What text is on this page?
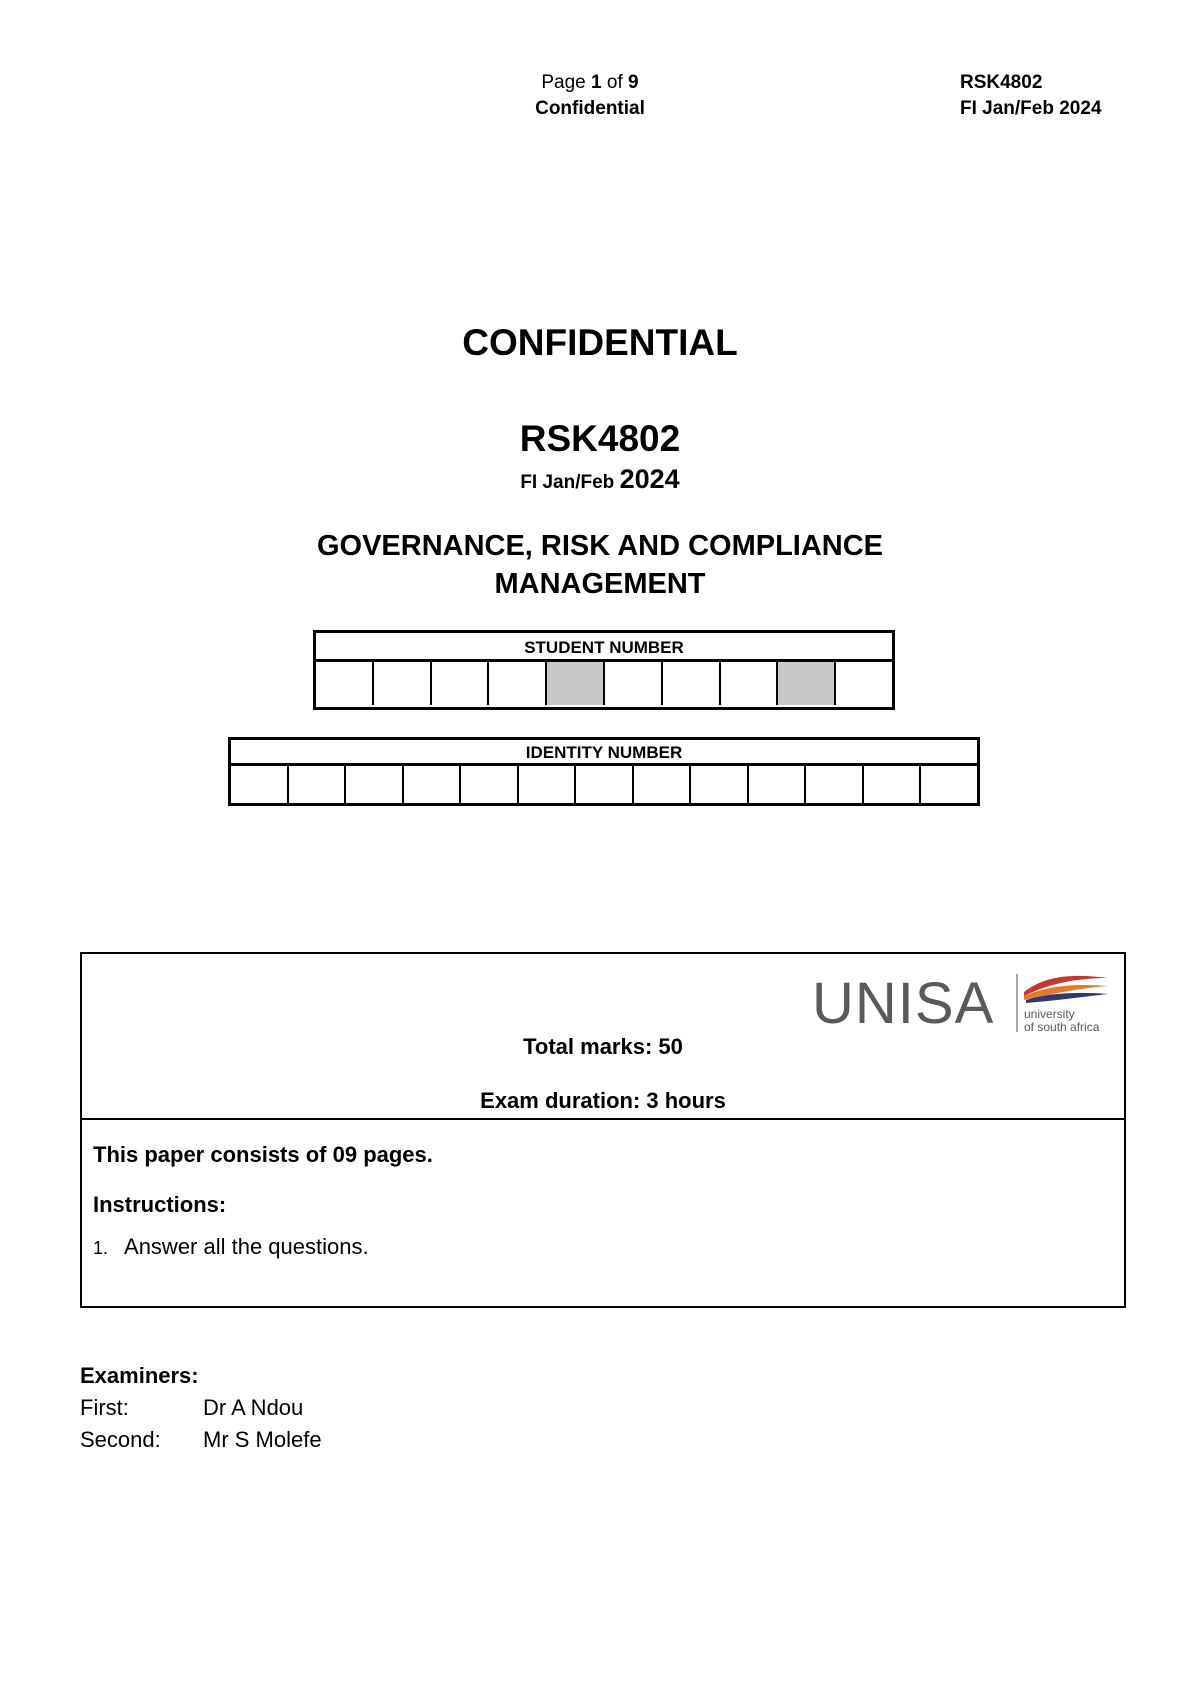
Page 1 of 9
Confidential
RSK4802
FI Jan/Feb 2024
CONFIDENTIAL
RSK4802
FI Jan/Feb 2024
GOVERNANCE, RISK AND COMPLIANCE
MANAGEMENT
STUDENT NUMBER
IDENTITY NUMBER
UNISA university
of south africa
Total marks: 50
Exam duration: 3 hours
This paper consists of 09 pages.
Instructions:
1. Answer all the questions.
Examiners:
First:	Dr A Ndou
Second:	Mr S Molefe
